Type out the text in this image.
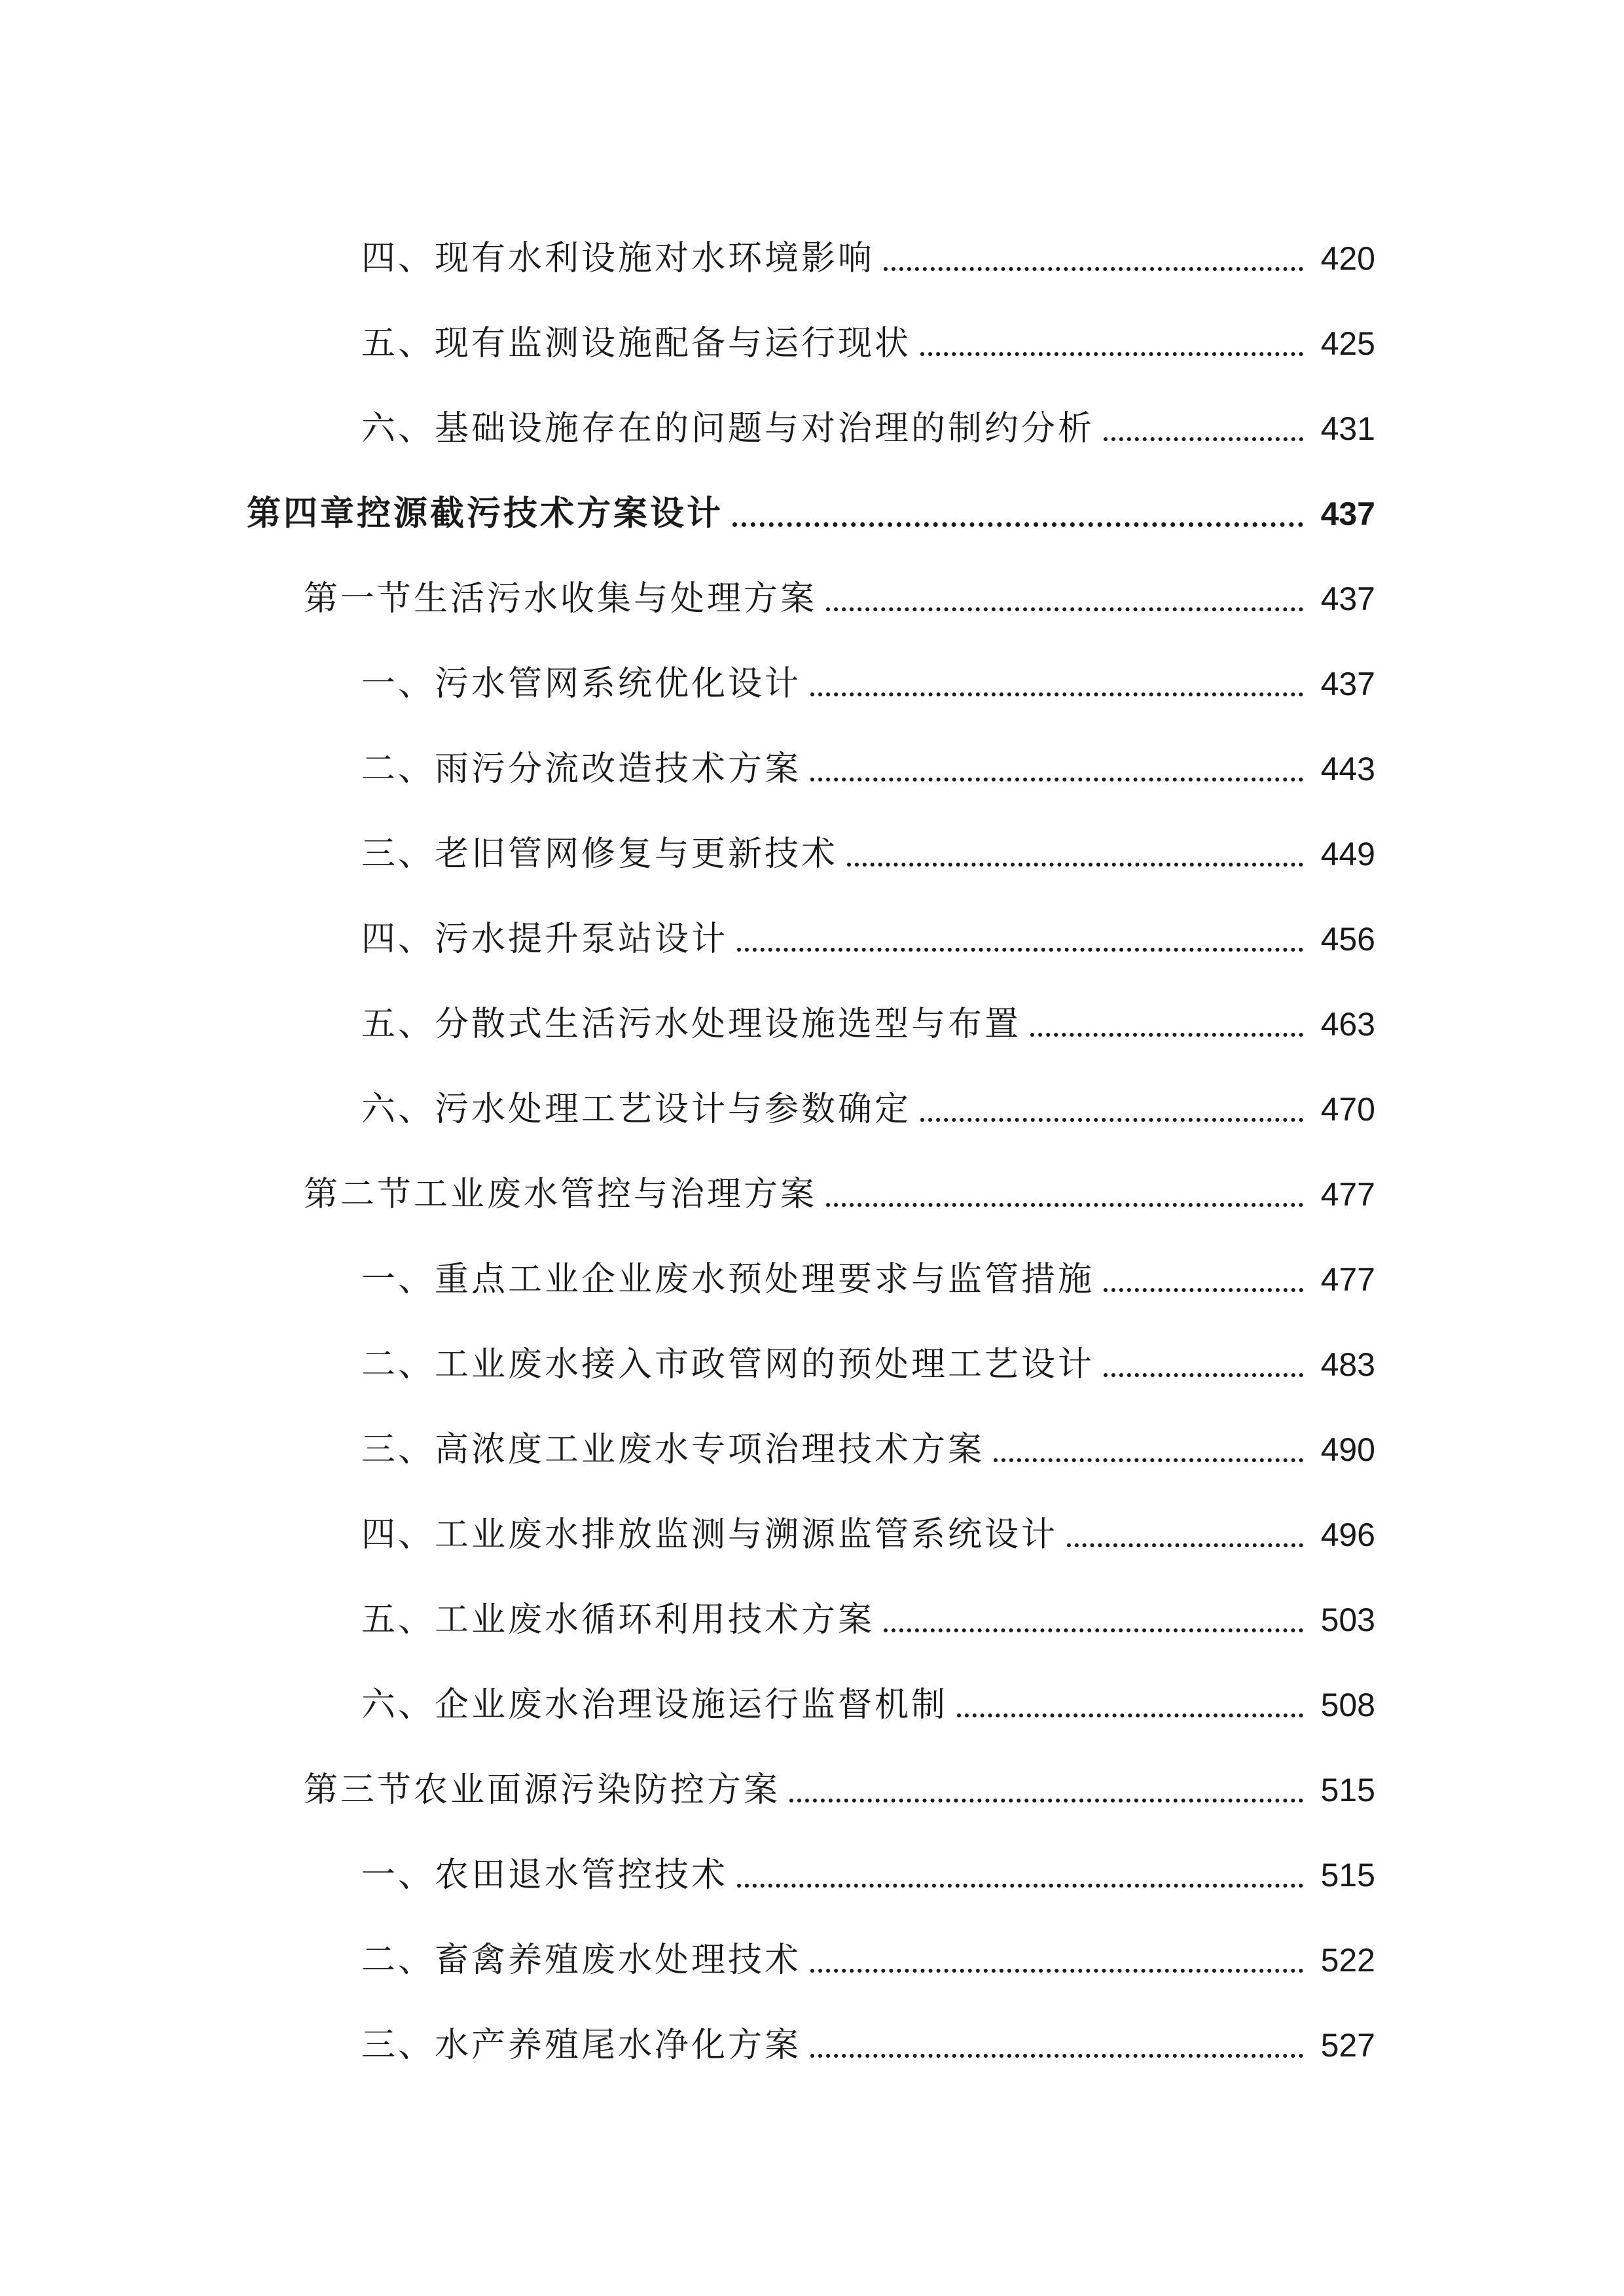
四、现有水利设施对水环境影响	420
五、现有监测设施配备与运行现状	425
六、基础设施存在的问题与对治理的制约分析	431
第四章控源截污技术方案设计	437
第一节生活污水收集与处理方案	437
一、污水管网系统优化设计	437
二、雨污分流改造技术方案	443
三、老旧管网修复与更新技术	449
四、污水提升泵站设计	456
五、分散式生活污水处理设施选型与布置	463
六、污水处理工艺设计与参数确定	470
第二节工业废水管控与治理方案	477
一、重点工业企业废水预处理要求与监管措施	477
二、工业废水接入市政管网的预处理工艺设计	483
三、高浓度工业废水专项治理技术方案	490
四、工业废水排放监测与溯源监管系统设计	496
五、工业废水循环利用技术方案	503
六、企业废水治理设施运行监督机制	508
第三节农业面源污染防控方案	515
一、农田退水管控技术	515
二、畜禽养殖废水处理技术	522
三、水产养殖尾水净化方案	527
